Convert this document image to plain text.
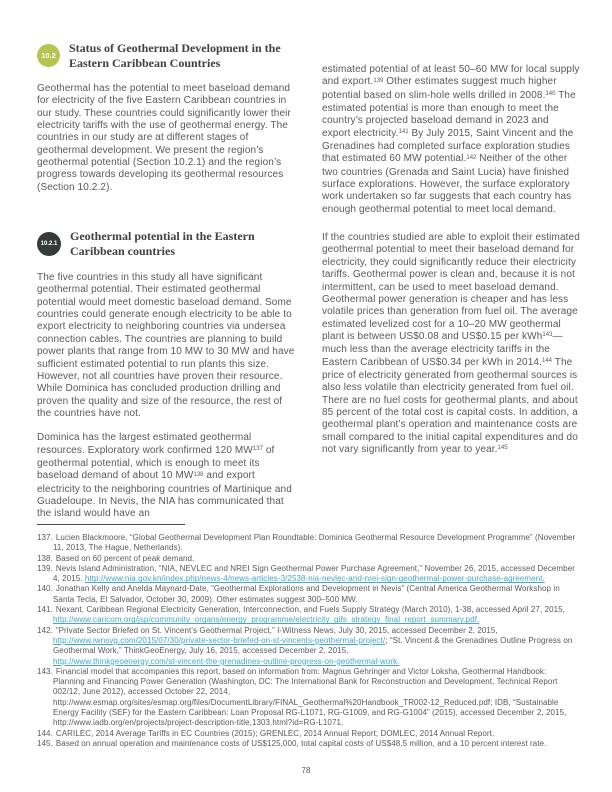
10.2
Status of Geothermal Development in the Eastern Caribbean Countries

Geothermal has the potential to meet baseload demand for electricity of the five Eastern Caribbean countries in our study. These countries could significantly lower their electricity tariffs with the use of geothermal energy. The countries in our study are at different stages of geothermal development. We present the region’s geothermal potential (Section 10.2.1) and the region’s progress towards developing its geothermal resources (Section 10.2.2).

10.2.1
Geothermal potential in the Eastern Caribbean countries

The five countries in this study all have significant geothermal potential. Their estimated geothermal potential would meet domestic baseload demand. Some countries could generate enough electricity to be able to export electricity to neighboring countries via undersea connection cables. The countries are planning to build power plants that range from 10 MW to 30 MW and have sufficient estimated potential to run plants this size. However, not all countries have proven their resource. While Dominica has concluded production drilling and proven the quality and size of the resource, the rest of the countries have not.

Dominica has the largest estimated geothermal resources. Exploratory work confirmed 120 MW$^{137}$ of geothermal potential, which is enough to meet its baseload demand of about 10 MW$^{138}$ and export electricity to the neighboring countries of Martinique and Guadeloupe. In Nevis, the NIA has communicated that the island would have an

estimated potential of at least 50–60 MW for local supply and export.$^{139}$ Other estimates suggest much higher potential based on slim-hole wells drilled in 2008.$^{140}$ The estimated potential is more than enough to meet the country’s projected baseload demand in 2023 and export electricity.$^{141}$ By July 2015, Saint Vincent and the Grenadines had completed surface exploration studies that estimated 60 MW potential.$^{142}$ Neither of the other two countries (Grenada and Saint Lucia) have finished surface explorations. However, the surface exploratory work undertaken so far suggests that each country has enough geothermal potential to meet local demand.

If the countries studied are able to exploit their estimated geothermal potential to meet their baseload demand for electricity, they could significantly reduce their electricity tariffs. Geothermal power is clean and, because it is not intermittent, can be used to meet baseload demand. Geothermal power generation is cheaper and has less volatile prices than generation from fuel oil. The average estimated levelized cost for a 10–20 MW geothermal plant is between US$0.08 and US$0.15 per kWh$^{143}$—much less than the average electricity tariffs in the Eastern Caribbean of US$0.34 per kWh in 2014.$^{144}$ The price of electricity generated from geothermal sources is also less volatile than electricity generated from fuel oil. There are no fuel costs for geothermal plants, and about 85 percent of the total cost is capital costs. In addition, a geothermal plant’s operation and maintenance costs are small compared to the initial capital expenditures and do not vary significantly from year to year.$^{145}$

137. Lucien Blackmoore, “Global Geothermal Development Plan Roundtable: Dominica Geothermal Resource Development Programme” (November 11, 2013, The Hague, Netherlands).

138. Based on 60 percent of peak demand.

139. Nevis Island Administration, “NIA, NEVLEC and NREI Sign Geothermal Power Purchase Agreement,” November 26, 2015, accessed December 4, 2015. http://www.nia.gov.kn/index.php/news-4/news-articles-3/2538-nia-nevlec-and-nrei-sign-geothermal-power-purchase-agreement.

140. Jonathan Kelly and Anelda Maynard-Date, “Geothermal Explorations and Development in Nevis” (Central America Geothermal Workshop in Santa Tecla, El Salvador, October 30, 2009). Other estimates suggest 300–500 MW.

141. Nexant, Caribbean Regional Electricity Generation, Interconnection, and Fuels Supply Strategy (March 2010), 1-38, accessed April 27, 2015, http://www.caricom.org/jsp/community_organs/energy_programme/electricity_gifs_strategy_final_report_summary.pdf.

142. “Private Sector Briefed on St. Vincent’s Geothermal Project,” I-Witness News, July 30, 2015, accessed December 2, 2015, http://www.iwnsvg.com/2015/07/30/private-sector-briefed-on-st-vincents-geothermal-project/; “St. Vincent & the Grenadines Outline Progress on Geothermal Work,” ThinkGeoEnergy, July 16, 2015, accessed December 2, 2015, http://www.thinkgeoenergy.com/st-vincent-the-grenadines-outline-progress-on-geothermal-work.

143. Financial model that accompanies this report, based on information from: Magnus Gehringer and Victor Loksha, Geothermal Handbook: Planning and Financing Power Generation (Washington, DC: The International Bank for Reconstruction and Development, Technical Report 002/12, June 2012), accessed October 22, 2014, http://www.esmap.org/sites/esmap.org/files/DocumentLibrary/FINAL_Geothermal%20Handbook_TR002-12_Reduced.pdf; IDB, “Sustainable Energy Facility (SEF) for the Eastern Caribbean: Loan Proposal RG-L1071, RG-G1009, and RG-G1004” (2015), accessed December 2, 2015, http://www.iadb.org/en/projects/project-description-title,1303.html?id=RG-L1071.

144. CARILEC, 2014 Average Tariffs in EC Countries (2015); GRENLEC, 2014 Annual Report; DOMLEC, 2014 Annual Report.

145. Based on annual operation and maintenance costs of US$125,000, total capital costs of US$48.5 million, and a 10 percent interest rate.

78
